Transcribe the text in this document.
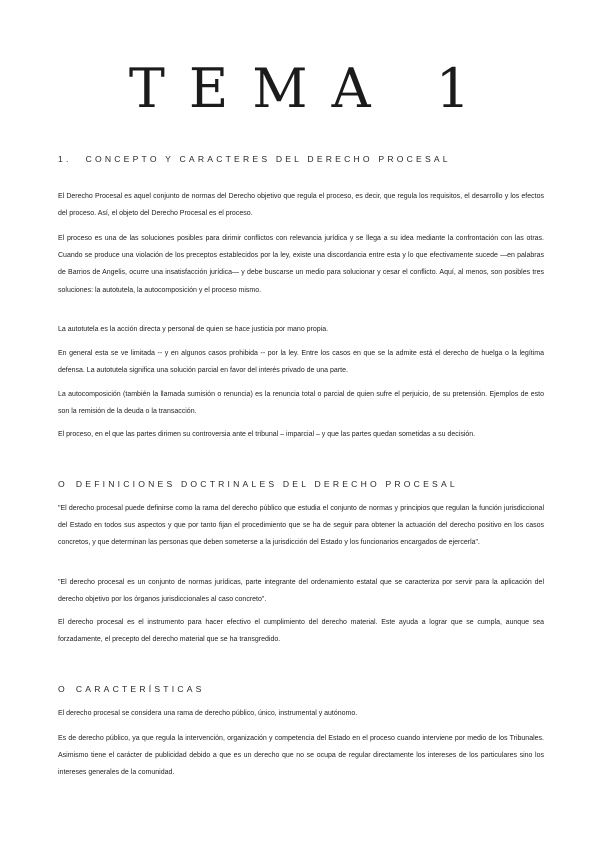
TEMA 1
1. CONCEPTO Y CARACTERES DEL DERECHO PROCESAL

El Derecho Procesal es aquel conjunto de normas del Derecho objetivo que regula el proceso, es decir, que regula los requisitos, el desarrollo y los efectos del proceso. Así, el objeto del Derecho Procesal es el proceso.

El proceso es una de las soluciones posibles para dirimir conflictos con relevancia jurídica y se llega a su idea mediante la confrontación con las otras. Cuando se produce una violación de los preceptos establecidos por la ley, existe una discordancia entre esta y lo que efectivamente sucede —en palabras de Barrios de Angelis, ocurre una insatisfacción jurídica— y debe buscarse un medio para solucionar y cesar el conflicto. Aquí, al menos, son posibles tres soluciones: la autotutela, la autocomposición y el proceso mismo.

La autotutela es la acción directa y personal de quien se hace justicia por mano propia.

En general esta se ve limitada -- y en algunos casos prohibida -- por la ley. Entre los casos en que se la admite está el derecho de huelga o la legítima defensa. La autotutela significa una solución parcial en favor del interés privado de una parte.

La autocomposición (también la llamada sumisión o renuncia) es la renuncia total o parcial de quien sufre el perjuicio, de su pretensión. Ejemplos de esto son la remisión de la deuda o la transacción.

El proceso, en el que las partes dirimen su controversia ante el tribunal – imparcial – y que las partes quedan sometidas a su decisión.

O DEFINICIONES DOCTRINALES DEL DERECHO PROCESAL

"El derecho procesal puede definirse como la rama del derecho público que estudia el conjunto de normas y principios que regulan la función jurisdiccional del Estado en todos sus aspectos y que por tanto fijan el procedimiento que se ha de seguir para obtener la actuación del derecho positivo en los casos concretos, y que determinan las personas que deben someterse a la jurisdicción del Estado y los funcionarios encargados de ejercerla".

"El derecho procesal es un conjunto de normas jurídicas, parte integrante del ordenamiento estatal que se caracteriza por servir para la aplicación del derecho objetivo por los órganos jurisdiccionales al caso concreto".

El derecho procesal es el instrumento para hacer efectivo el cumplimiento del derecho material. Este ayuda a lograr que se cumpla, aunque sea forzadamente, el precepto del derecho material que se ha transgredido.

O CARACTERÍSTICAS

El derecho procesal se considera una rama de derecho público, único, instrumental y autónomo.

Es de derecho público, ya que regula la intervención, organización y competencia del Estado en el proceso cuando interviene por medio de los Tribunales. Asimismo tiene el carácter de publicidad debido a que es un derecho que no se ocupa de regular directamente los intereses de los particulares sino los intereses generales de la comunidad.
